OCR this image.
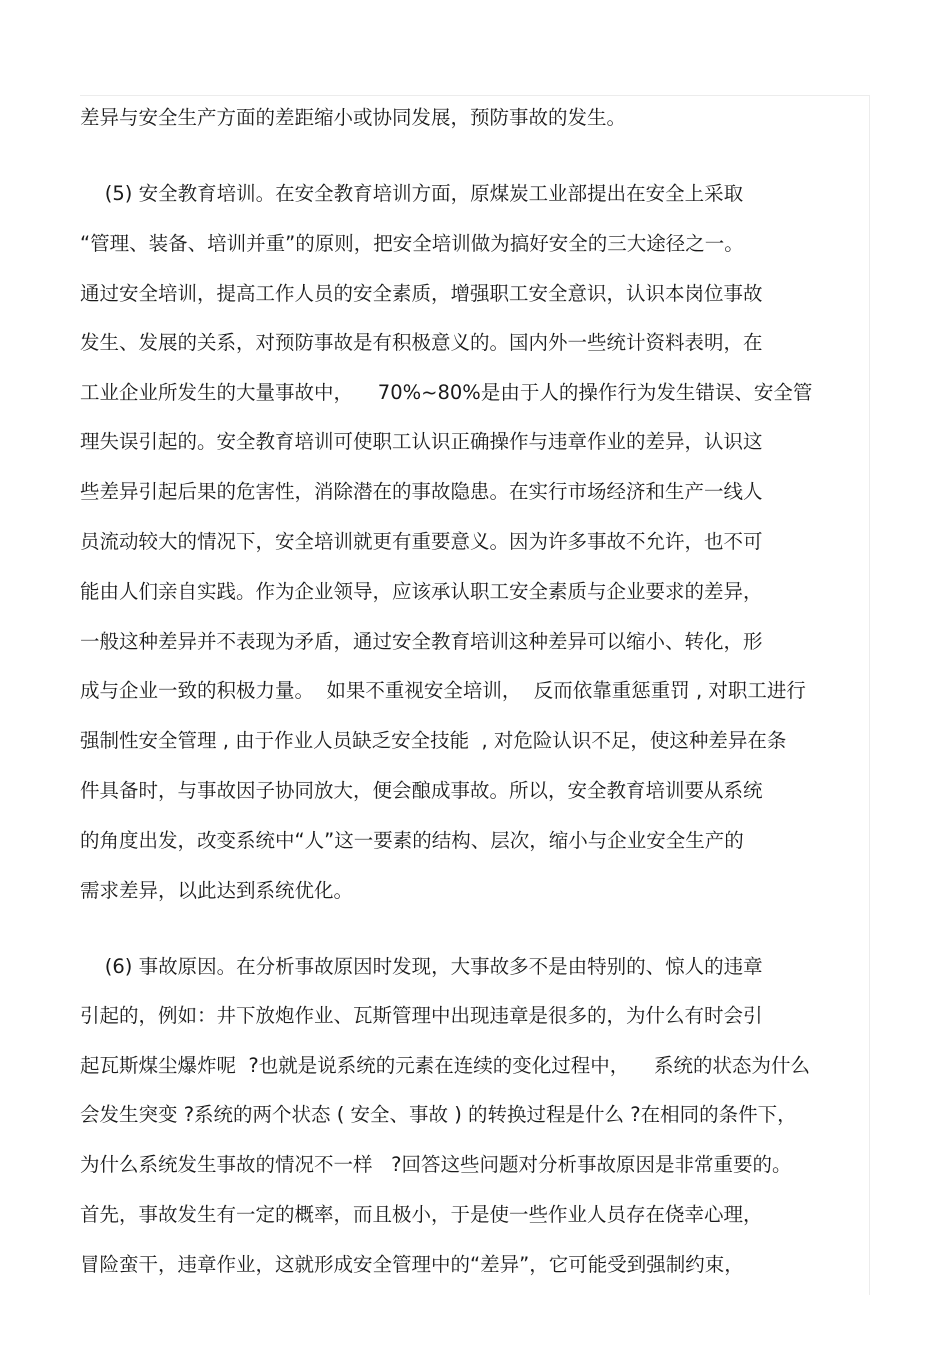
差异与安全生产方面的差距缩小或协同发展，预防事故的发生。
(5) 安全教育培训。在安全教育培训方面，原煤炭工业部提出在安全上采取
“管理、装备、培训并重”的原则，把安全培训做为搞好安全的三大途径之一。
通过安全培训，提高工作人员的安全素质，增强职工安全意识，认识本岗位事故
发生、发展的关系，对预防事故是有积极意义的。国内外一些统计资料表明，在
工业企业所发生的大量事故中，    70%~80%是由于人的操作行为发生错误、安全管
理失误引起的。安全教育培训可使职工认识正确操作与违章作业的差异，认识这
些差异引起后果的危害性，消除潜在的事故隐患。在实行市场经济和生产一线人
员流动较大的情况下，安全培训就更有重要意义。因为许多事故不允许，也不可
能由人们亲自实践。作为企业领导，应该承认职工安全素质与企业要求的差异，
一般这种差异并不表现为矛盾，通过安全教育培训这种差异可以缩小、转化，形
成与企业一致的积极力量。  如果不重视安全培训，  反而依靠重惩重罚 , 对职工进行
强制性安全管理 , 由于作业人员缺乏安全技能  , 对危险认识不足，使这种差异在条
件具备时，与事故因子协同放大，便会酿成事故。所以，安全教育培训要从系统
的角度出发，改变系统中“人”这一要素的结构、层次，缩小与企业安全生产的
需求差异，以此达到系统优化。
(6) 事故原因。在分析事故原因时发现，大事故多不是由特别的、惊人的违章
引起的，例如：井下放炮作业、瓦斯管理中出现违章是很多的，为什么有时会引
起瓦斯煤尘爆炸呢  ?也就是说系统的元素在连续的变化过程中，    系统的状态为什么
会发生突变 ?系统的两个状态 ( 安全、事故 ) 的转换过程是什么 ?在相同的条件下，
为什么系统发生事故的情况不一样   ?回答这些问题对分析事故原因是非常重要的。
首先，事故发生有一定的概率，而且极小，于是使一些作业人员存在侥幸心理，
冒险蛮干，违章作业，这就形成安全管理中的“差异”，它可能受到强制约束，
